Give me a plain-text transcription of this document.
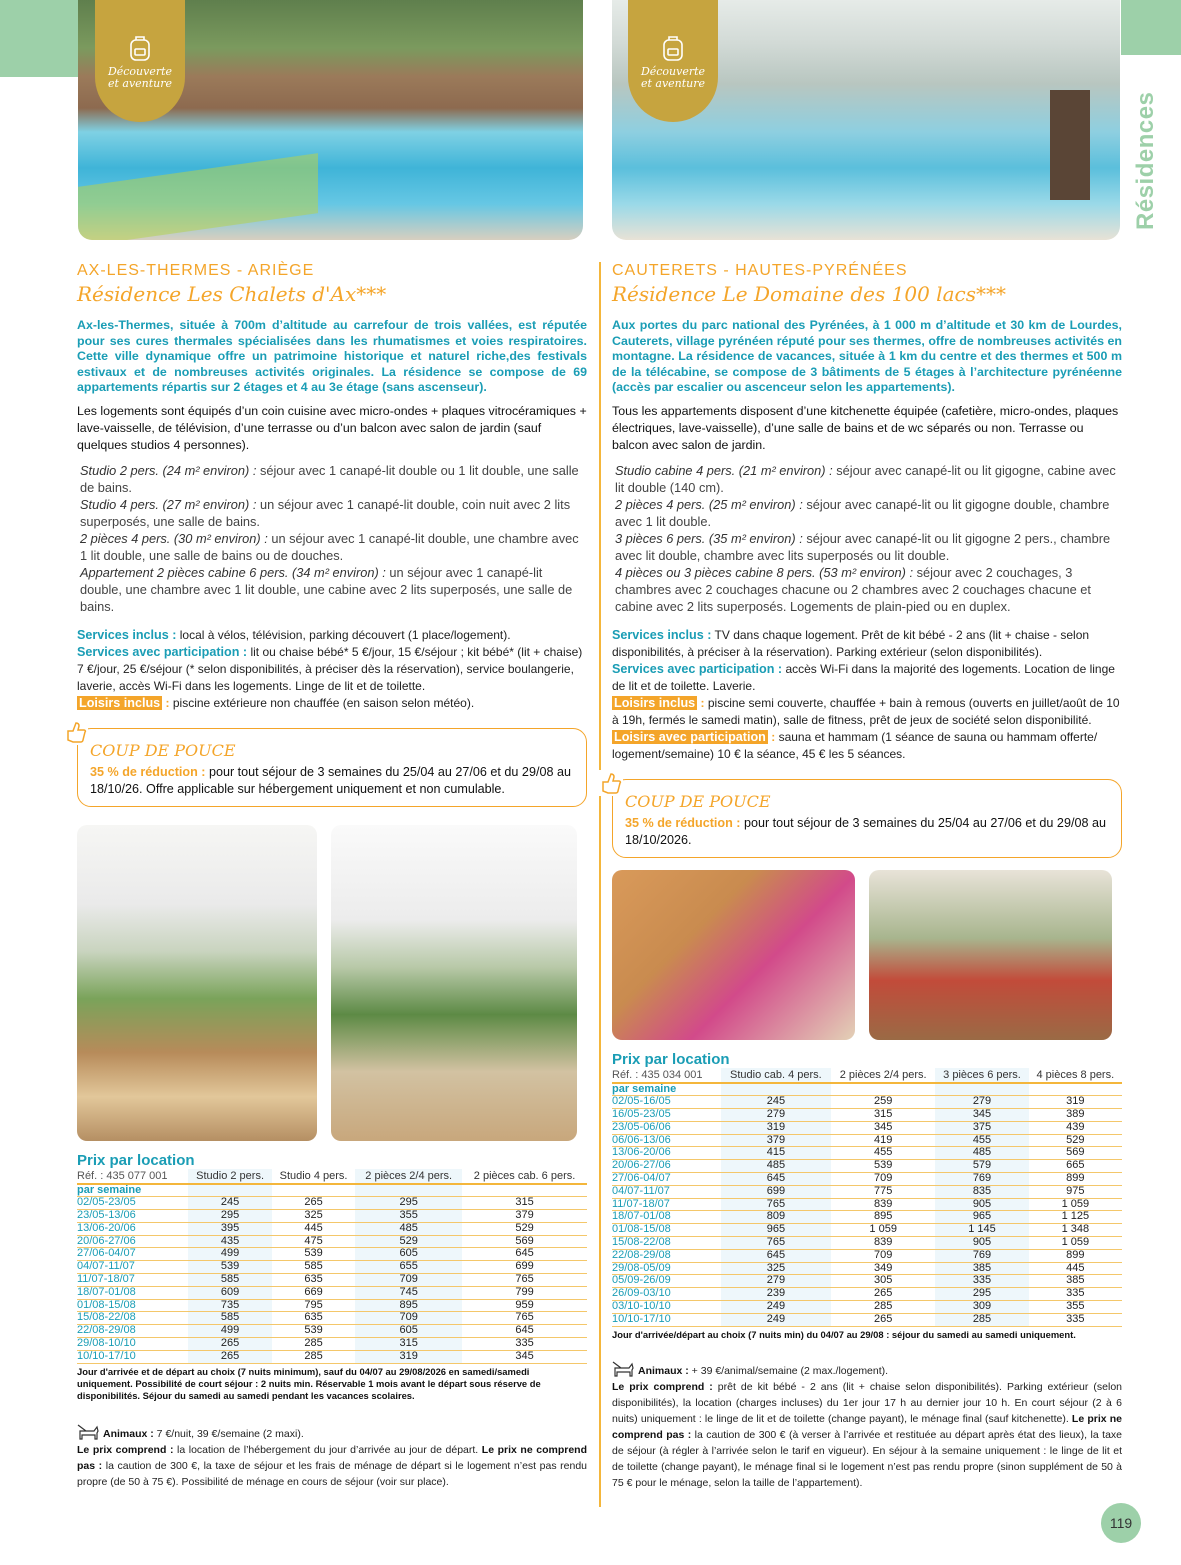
Résidences
Découverte
et aventure
Découverte
et aventure
AX-LES-THERMES - ARIÈGE
Résidence Les Chalets d'Ax***

Ax-les-Thermes, située à 700m d’altitude au carrefour de trois vallées, est réputée pour ses cures thermales spécialisées dans les rhumatismes et voies respiratoires. Cette ville dynamique offre un patrimoine historique et naturel riche,des festivals estivaux et de nombreuses activités originales. La résidence se compose de 69 appartements répartis sur 2 étages et 4 au 3e étage (sans ascenseur).

Les logements sont équipés d’un coin cuisine avec micro-ondes + plaques vitrocéramiques + lave-vaisselle, de télévision, d’une terrasse ou d’un balcon avec salon de jardin (sauf quelques studios 4 personnes).

Studio 2 pers. (24 m² environ) : séjour avec 1 canapé-lit double ou 1 lit double, une salle de bains.
Studio 4 pers. (27 m² environ) : un séjour avec 1 canapé-lit double, coin nuit avec 2 lits superposés, une salle de bains.
2 pièces 4 pers. (30 m² environ) : un séjour avec 1 canapé-lit double, une chambre avec 1 lit double, une salle de bains ou de douches.
Appartement 2 pièces cabine 6 pers. (34 m² environ) : un séjour avec 1 canapé-lit double, une chambre avec 1 lit double, une cabine avec 2 lits superposés, une salle de bains.
Services inclus : local à vélos, télévision, parking découvert (1 place/logement).
Services avec participation : lit ou chaise bébé* 5 €/jour, 15 €/séjour ; kit bébé* (lit + chaise) 7 €/jour, 25 €/séjour (* selon disponibilités, à préciser dès la réservation), service boulangerie, laverie, accès Wi-Fi dans les logements. Linge de lit et de toilette.
Loisirs inclus : piscine extérieure non chauffée (en saison selon météo).
COUP DE POUCE
35 % de réduction : pour tout séjour de 3 semaines du 25/04 au 27/06 et du 29/08 au 18/10/26. Offre applicable sur hébergement uniquement et non cumulable.
Prix par location
Réf. : 435 077 001	Studio 2 pers.	Studio 4 pers.	2 pièces 2/4 pers.	2 pièces cab. 6 pers.
par semaine				
02/05-23/05	245	265	295	315
23/05-13/06	295	325	355	379
13/06-20/06	395	445	485	529
20/06-27/06	435	475	529	569
27/06-04/07	499	539	605	645
04/07-11/07	539	585	655	699
11/07-18/07	585	635	709	765
18/07-01/08	609	669	745	799
01/08-15/08	735	795	895	959
15/08-22/08	585	635	709	765
22/08-29/08	499	539	605	645
29/08-10/10	265	285	315	335
10/10-17/10	265	285	319	345
Jour d'arrivée et de départ au choix (7 nuits minimum), sauf du 04/07 au 29/08/2026 en samedi/samedi uniquement. Possibilité de court séjour : 2 nuits min. Réservable 1 mois avant le départ sous réserve de disponibilités. Séjour du samedi au samedi pendant les vacances scolaires.
Animaux : 7 €/nuit, 39 €/semaine (2 maxi).

Le prix comprend : la location de l’hébergement du jour d’arrivée au jour de départ. Le prix ne comprend pas : la caution de 300 €, la taxe de séjour et les frais de ménage de départ si le logement n’est pas rendu propre (de 50 à 75 €). Possibilité de ménage en cours de séjour (voir sur place).

CAUTERETS - HAUTES-PYRÉNÉES
Résidence Le Domaine des 100 lacs***

Aux portes du parc national des Pyrénées, à 1 000 m d’altitude et 30 km de Lourdes, Cauterets, village pyrénéen réputé pour ses thermes, offre de nombreuses activités en montagne. La résidence de vacances, située à 1 km du centre et des thermes et 500 m de la télécabine, se compose de 3 bâtiments de 5 étages à l’architecture pyrénéenne (accès par escalier ou ascenceur selon les appartements).

Tous les appartements disposent d’une kitchenette équipée (cafetière, micro-ondes, plaques électriques, lave-vaisselle), d’une salle de bains et de wc séparés ou non. Terrasse ou balcon avec salon de jardin.

Studio cabine 4 pers. (21 m² environ) : séjour avec canapé-lit ou lit gigogne, cabine avec lit double (140 cm).
2 pièces 4 pers. (25 m² environ) : séjour avec canapé-lit ou lit gigogne double, chambre avec 1 lit double.
3 pièces 6 pers. (35 m² environ) : séjour avec canapé-lit ou lit gigogne 2 pers., chambre avec lit double, chambre avec lits superposés ou lit double.
4 pièces ou 3 pièces cabine 8 pers. (53 m² environ) : séjour avec 2 couchages, 3 chambres avec 2 couchages chacune ou 2 chambres avec 2 couchages chacune et cabine avec 2 lits superposés. Logements de plain-pied ou en duplex.
Services inclus : TV dans chaque logement. Prêt de kit bébé - 2 ans (lit + chaise - selon disponibilités, à préciser à la réservation). Parking extérieur (selon disponibilités).
Services avec participation : accès Wi-Fi dans la majorité des logements. Location de linge de lit et de toilette. Laverie.
Loisirs inclus : piscine semi couverte, chauffée + bain à remous (ouverts en juillet/août de 10 à 19h, fermés le samedi matin), salle de fitness, prêt de jeux de société selon disponibilité.
Loisirs avec participation : sauna et hammam (1 séance de sauna ou hammam offerte/ logement/semaine) 10 € la séance, 45 € les 5 séances.
COUP DE POUCE
35 % de réduction : pour tout séjour de 3 semaines du 25/04 au 27/06 et du 29/08 au 18/10/2026.
Prix par location
Réf. : 435 034 001	Studio cab. 4 pers.	2 pièces 2/4 pers.	3 pièces 6 pers.	4 pièces 8 pers.
par semaine				
02/05-16/05	245	259	279	319
16/05-23/05	279	315	345	389
23/05-06/06	319	345	375	439
06/06-13/06	379	419	455	529
13/06-20/06	415	455	485	569
20/06-27/06	485	539	579	665
27/06-04/07	645	709	769	899
04/07-11/07	699	775	835	975
11/07-18/07	765	839	905	1 059
18/07-01/08	809	895	965	1 125
01/08-15/08	965	1 059	1 145	1 348
15/08-22/08	765	839	905	1 059
22/08-29/08	645	709	769	899
29/08-05/09	325	349	385	445
05/09-26/09	279	305	335	385
26/09-03/10	239	265	295	335
03/10-10/10	249	285	309	355
10/10-17/10	249	265	285	335
Jour d'arrivée/départ au choix (7 nuits min) du 04/07 au 29/08 : séjour du samedi au samedi uniquement.
Animaux : + 39 €/animal/semaine (2 max./logement).

Le prix comprend : prêt de kit bébé - 2 ans (lit + chaise selon disponibilités). Parking extérieur (selon disponibilités), la location (charges incluses) du 1er jour 17 h au dernier jour 10 h. En court séjour (2 à 6 nuits) uniquement : le linge de lit et de toilette (change payant), le ménage final (sauf kitchenette). Le prix ne comprend pas : la caution de 300 € (à verser à l’arrivée et restituée au départ après état des lieux), la taxe de séjour (à régler à l’arrivée selon le tarif en vigueur). En séjour à la semaine uniquement : le linge de lit et de toilette (change payant), le ménage final si le logement n’est pas rendu propre (sinon supplément de 50 à 75 € pour le ménage, selon la taille de l’appartement).

119
